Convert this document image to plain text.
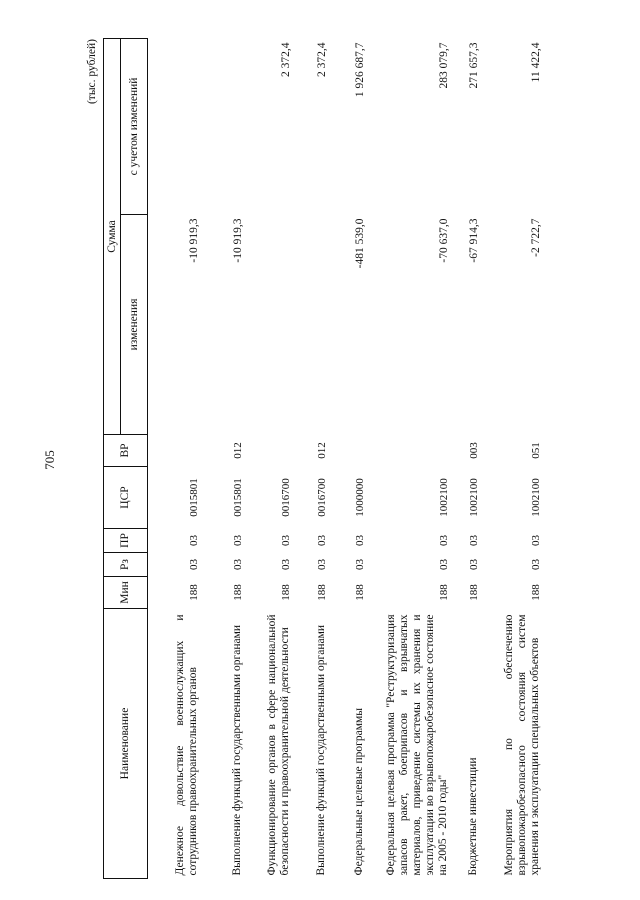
705
(тыс. рублей)
Наименование	Мин	Рз	ПР	ЦСР	ВР	Сумма	
						изменения	с учетом изменений
Денежное довольствие военнослужащих и сотрудников правоохранительных органов	188	03	03	0015801		-10 919,3	
Выполнение функций государственными органами	188	03	03	0015801	012	-10 919,3	
Функционирование органов в сфере национальной безопасности и правоохранительной деятельности	188	03	03	0016700			2 372,4
Выполнение функций государственными органами	188	03	03	0016700	012		2 372,4
Федеральные целевые программы	188	03	03	1000000		-481 539,0	1 926 687,7
Федеральная целевая программа "Реструктуризация запасов ракет, боеприпасов и взрывчатых материалов, приведение системы их хранения и эксплуатации во взрывопожаробезопасное состояние на 2005 - 2010 годы"	188	03	03	1002100		-70 637,0	283 079,7
Бюджетные инвестиции	188	03	03	1002100	003	-67 914,3	271 657,3
Мероприятия по обеспечению взрывопожаробезопасного состояния систем хранения и эксплуатации специальных объектов	188	03	03	1002100	051	-2 722,7	11 422,4
